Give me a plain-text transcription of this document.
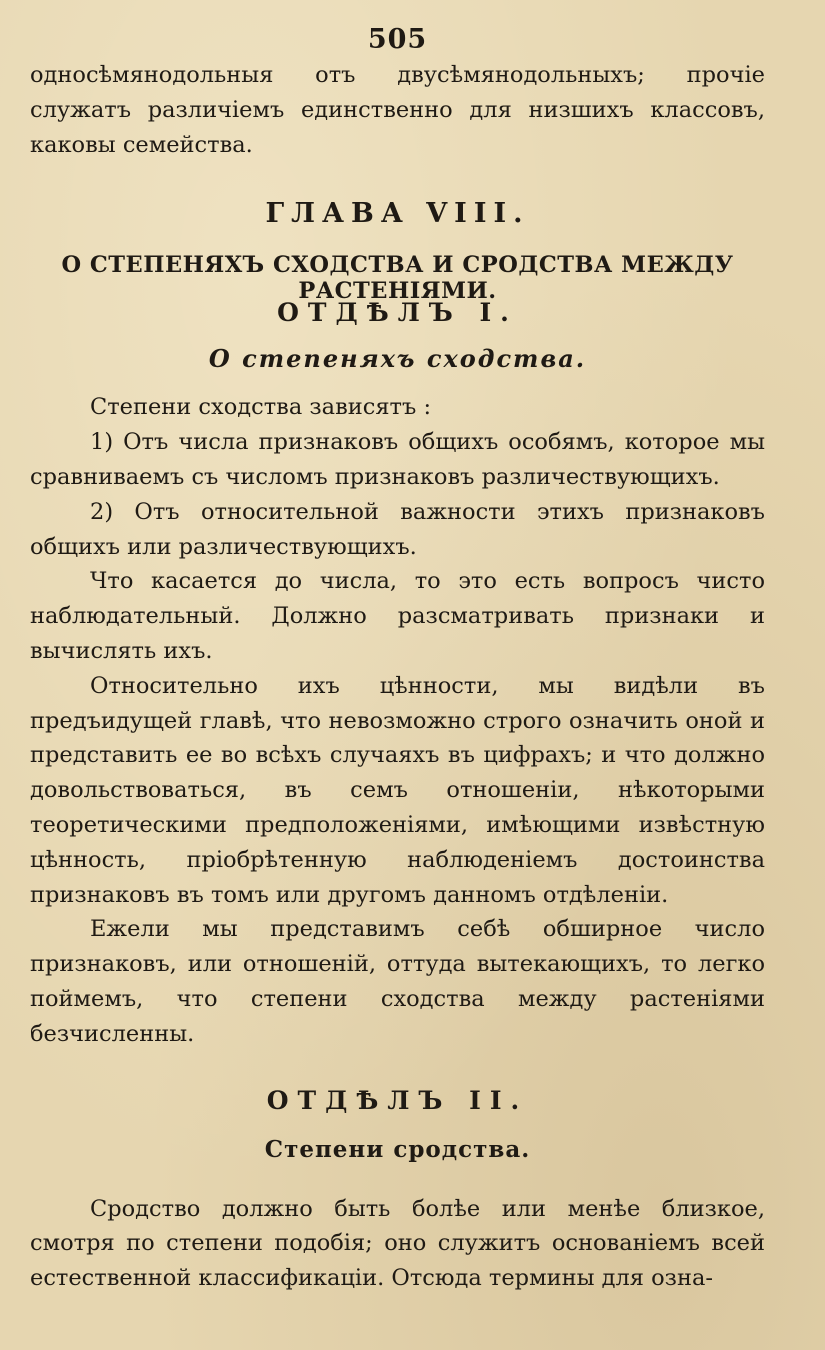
505

односѣмянодольныя отъ двусѣмянодольныхъ; прочіе служатъ различіемъ единственно для низшихъ классовъ, каковы семейства.

ГЛАВА VIII.
О СТЕПЕНЯХЪ СХОДСТВА И СРОДСТВА МЕЖДУ РАСТЕНІЯМИ.
ОТДѢЛЪ I.
О степеняхъ сходства.

Степени сходства зависятъ :

1) Отъ числа признаковъ общихъ особямъ, которое мы сравниваемъ съ числомъ признаковъ различествующихъ.

2) Отъ относительной важности этихъ признаковъ общихъ или различествующихъ.

Что касается до числа, то это есть вопросъ чисто наблюдательный. Должно разсматривать признаки и вычислять ихъ.

Относительно ихъ цѣнности, мы видѣли въ предъидущей главѣ, что невозможно строго означить оной и представить ее во всѣхъ случаяхъ въ цифрахъ; и что должно довольствоваться, въ семъ отношеніи, нѣкоторыми теоретическими предположеніями, имѣющими извѣстную цѣнность, пріобрѣтенную наблюденіемъ достоинства признаковъ въ томъ или другомъ данномъ отдѣленіи.

Ежели мы представимъ себѣ обширное число признаковъ, или отношеній, оттуда вытекающихъ, то легко поймемъ, что степени сходства между растеніями безчисленны.

ОТДѢЛЪ II.
Степени сродства.

Сродство должно быть болѣе или менѣе близкое, смотря по степени подобія; оно служитъ основаніемъ всей естественной классификаціи. Отсюда термины для озна-
